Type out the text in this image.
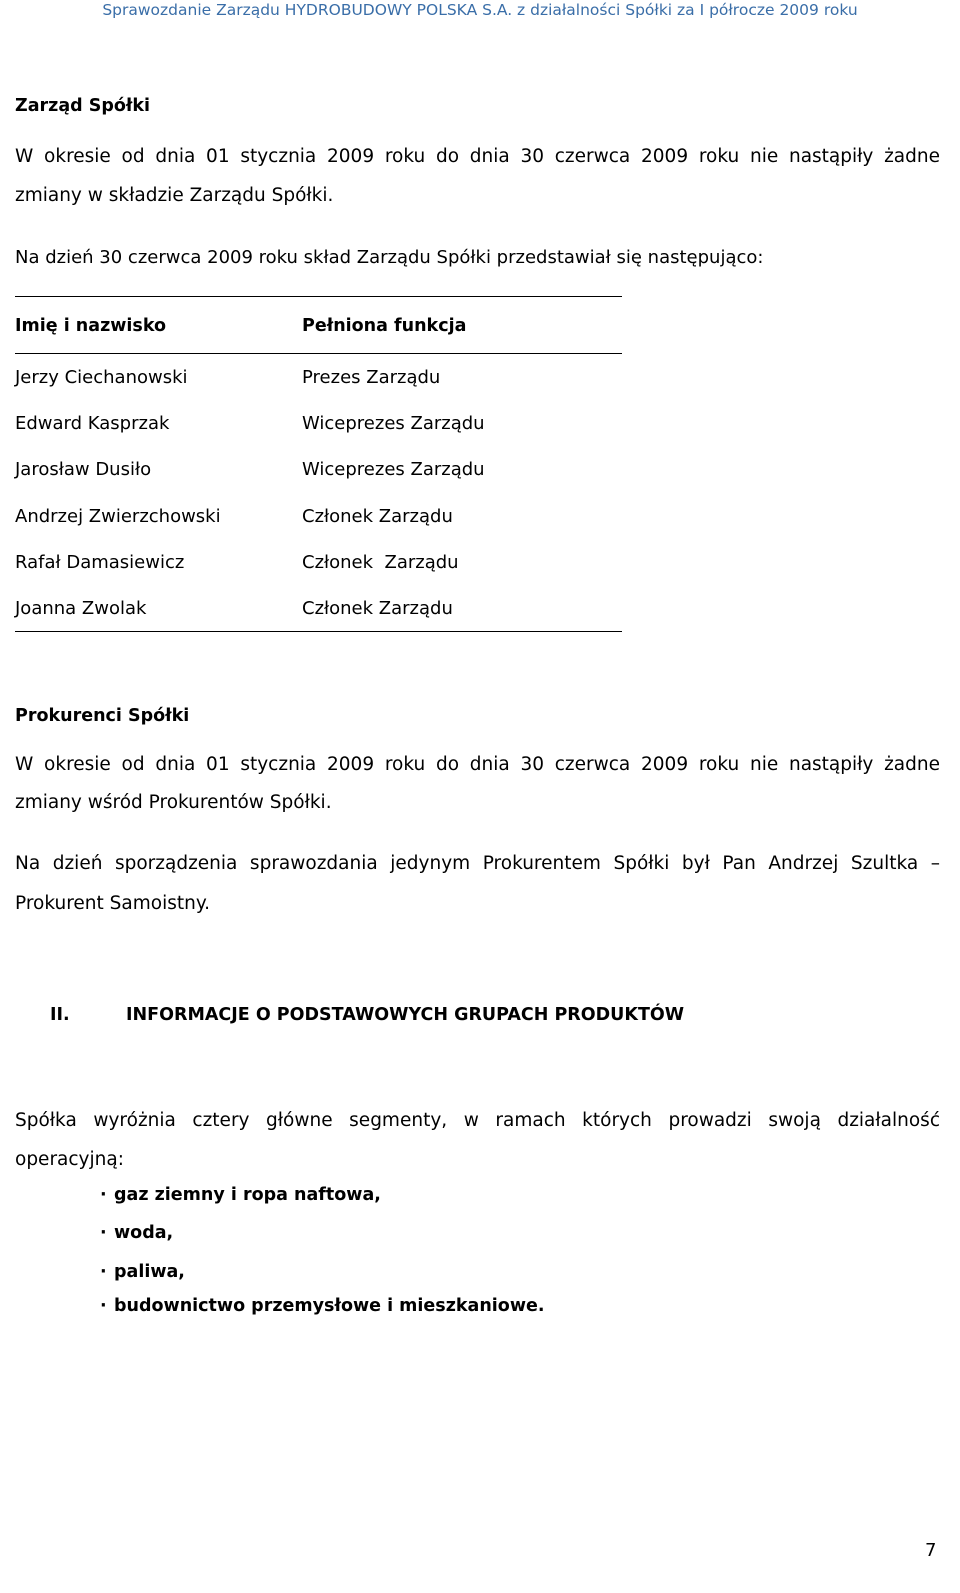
Sprawozdanie Zarządu HYDROBUDOWY POLSKA S.A. z działalności Spółki za I półrocze 2009 roku
Zarząd Spółki
W okresie od dnia 01 stycznia 2009 roku do dnia 30 czerwca 2009 roku nie nastąpiły żadne
zmiany w składzie Zarządu Spółki.
Na dzień 30 czerwca 2009 roku skład Zarządu Spółki przedstawiał się następująco:
Imię i nazwisko	Pełniona funkcja
Jerzy Ciechanowski	Prezes Zarządu
Edward Kasprzak	Wiceprezes Zarządu
Jarosław Dusiło	Wiceprezes Zarządu
Andrzej Zwierzchowski	Członek Zarządu
Rafał Damasiewicz	Członek  Zarządu
Joanna Zwolak	Członek Zarządu
Prokurenci Spółki
W okresie od dnia 01 stycznia 2009 roku do dnia 30 czerwca 2009 roku nie nastąpiły żadne
zmiany wśród Prokurentów Spółki.
Na dzień sporządzenia sprawozdania jedynym Prokurentem Spółki był Pan Andrzej Szultka –
Prokurent Samoistny.
II.	INFORMACJE O PODSTAWOWYCH GRUPACH PRODUKTÓW
Spółka wyróżnia cztery główne segmenty, w ramach których prowadzi swoją działalność
operacyjną:
· gaz ziemny i ropa naftowa,
· woda,
· paliwa,
· budownictwo przemysłowe i mieszkaniowe.
7
